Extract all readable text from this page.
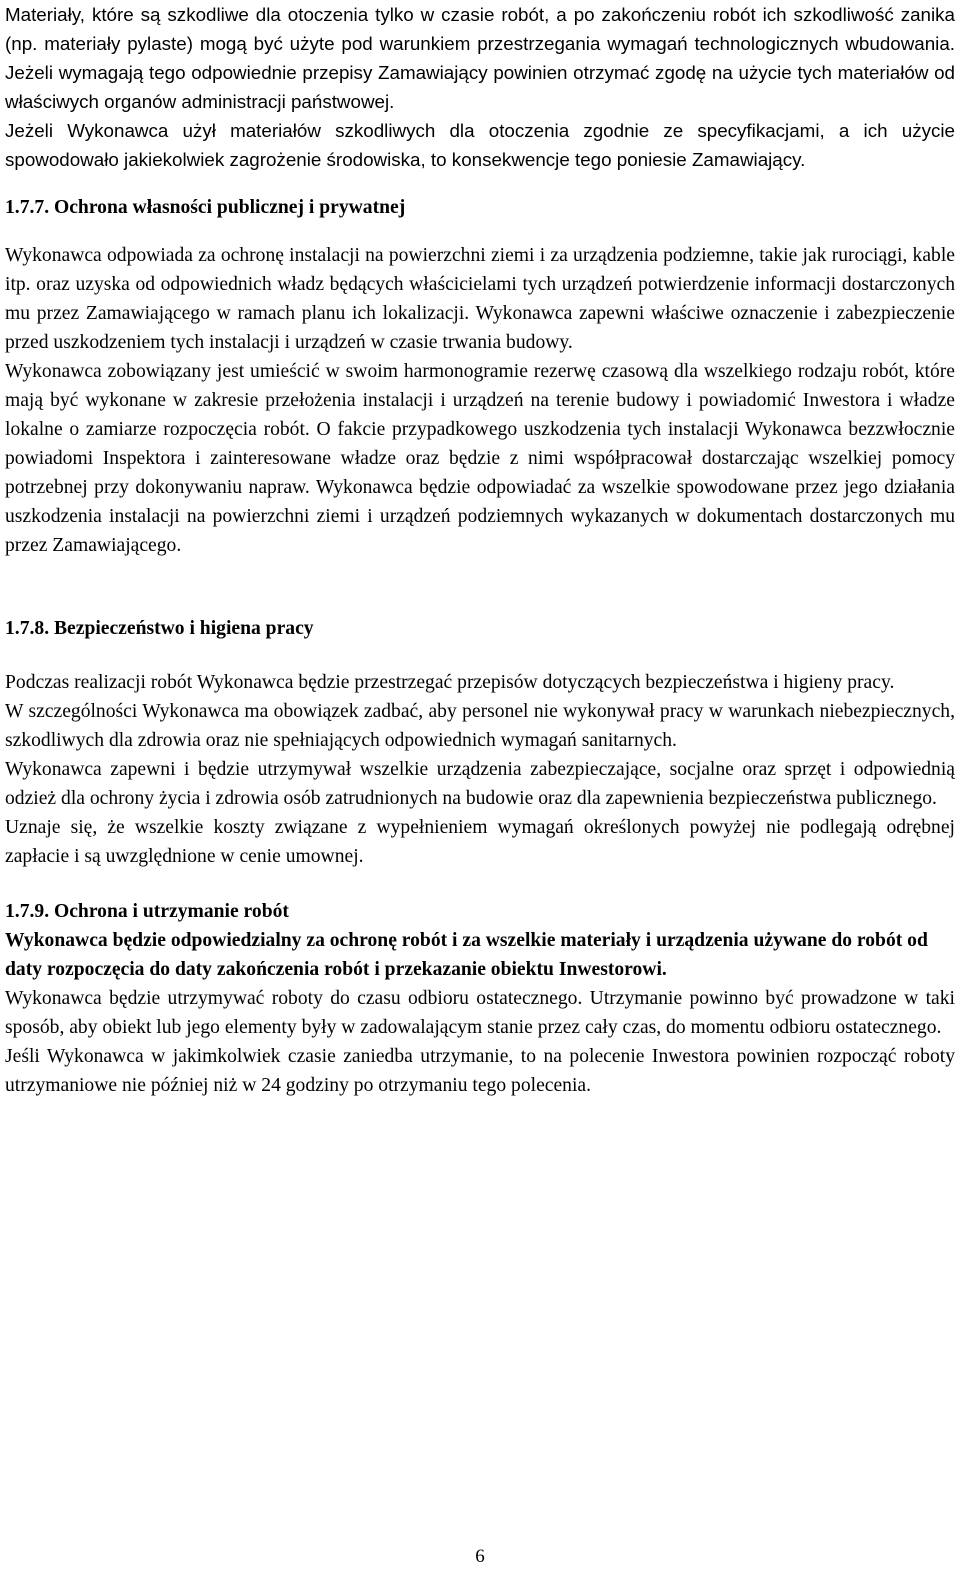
Materiały, które są szkodliwe dla otoczenia tylko w czasie robót, a po zakończeniu robót ich szkodliwość zanika (np. materiały pylaste) mogą być użyte pod warunkiem przestrzegania wymagań technologicznych wbudowania. Jeżeli wymagają tego odpowiednie przepisy Zamawiający powinien otrzymać zgodę na użycie tych materiałów od właściwych organów administracji państwowej.

Jeżeli Wykonawca użył materiałów szkodliwych dla otoczenia zgodnie ze specyfikacjami, a ich użycie spowodowało jakiekolwiek zagrożenie środowiska, to konsekwencje tego poniesie Zamawiający.

1.7.7. Ochrona własności publicznej i prywatnej

Wykonawca odpowiada za ochronę instalacji na powierzchni ziemi i za urządzenia podziemne, takie jak rurociągi, kable itp. oraz uzyska od odpowiednich władz będących właścicielami tych urządzeń potwierdzenie informacji dostarczonych mu przez Zamawiającego w ramach planu ich lokalizacji. Wykonawca zapewni właściwe oznaczenie i zabezpieczenie przed uszkodzeniem tych instalacji i urządzeń w czasie trwania budowy.

Wykonawca zobowiązany jest umieścić w swoim harmonogramie rezerwę czasową dla wszelkiego rodzaju robót, które mają być wykonane w zakresie przełożenia instalacji i urządzeń na terenie budowy i powiadomić Inwestora i władze lokalne o zamiarze rozpoczęcia robót. O fakcie przypadkowego uszkodzenia tych instalacji Wykonawca bezzwłocznie powiadomi Inspektora i zainteresowane władze oraz będzie z nimi współpracował dostarczając wszelkiej pomocy potrzebnej przy dokonywaniu napraw. Wykonawca będzie odpowiadać za wszelkie spowodowane przez jego działania uszkodzenia instalacji na powierzchni ziemi i urządzeń podziemnych wykazanych w dokumentach dostarczonych mu przez Zamawiającego.

1.7.8. Bezpieczeństwo i higiena pracy

Podczas realizacji robót Wykonawca będzie przestrzegać przepisów dotyczących bezpieczeństwa i higieny pracy.

W szczególności Wykonawca ma obowiązek zadbać, aby personel nie wykonywał pracy w warunkach niebezpiecznych, szkodliwych dla zdrowia oraz nie spełniających odpowiednich wymagań sanitarnych.

Wykonawca zapewni i będzie utrzymywał wszelkie urządzenia zabezpieczające, socjalne oraz sprzęt i odpowiednią odzież dla ochrony życia i zdrowia osób zatrudnionych na budowie oraz dla zapewnienia bezpieczeństwa publicznego.

Uznaje się, że wszelkie koszty związane z wypełnieniem wymagań określonych powyżej nie podlegają odrębnej zapłacie i są uwzględnione w cenie umownej.

1.7.9. Ochrona i utrzymanie robót

Wykonawca będzie odpowiedzialny za ochronę robót i za wszelkie materiały i urządzenia używane do robót od daty rozpoczęcia do daty zakończenia robót i przekazanie obiektu Inwestorowi.

Wykonawca będzie utrzymywać roboty do czasu odbioru ostatecznego. Utrzymanie powinno być prowadzone w taki sposób, aby obiekt lub jego elementy były w zadowalającym stanie przez cały czas, do momentu odbioru ostatecznego.

Jeśli Wykonawca w jakimkolwiek czasie zaniedba utrzymanie, to na polecenie Inwestora powinien rozpocząć roboty utrzymaniowe nie później niż w 24 godziny po otrzymaniu tego polecenia.

6
